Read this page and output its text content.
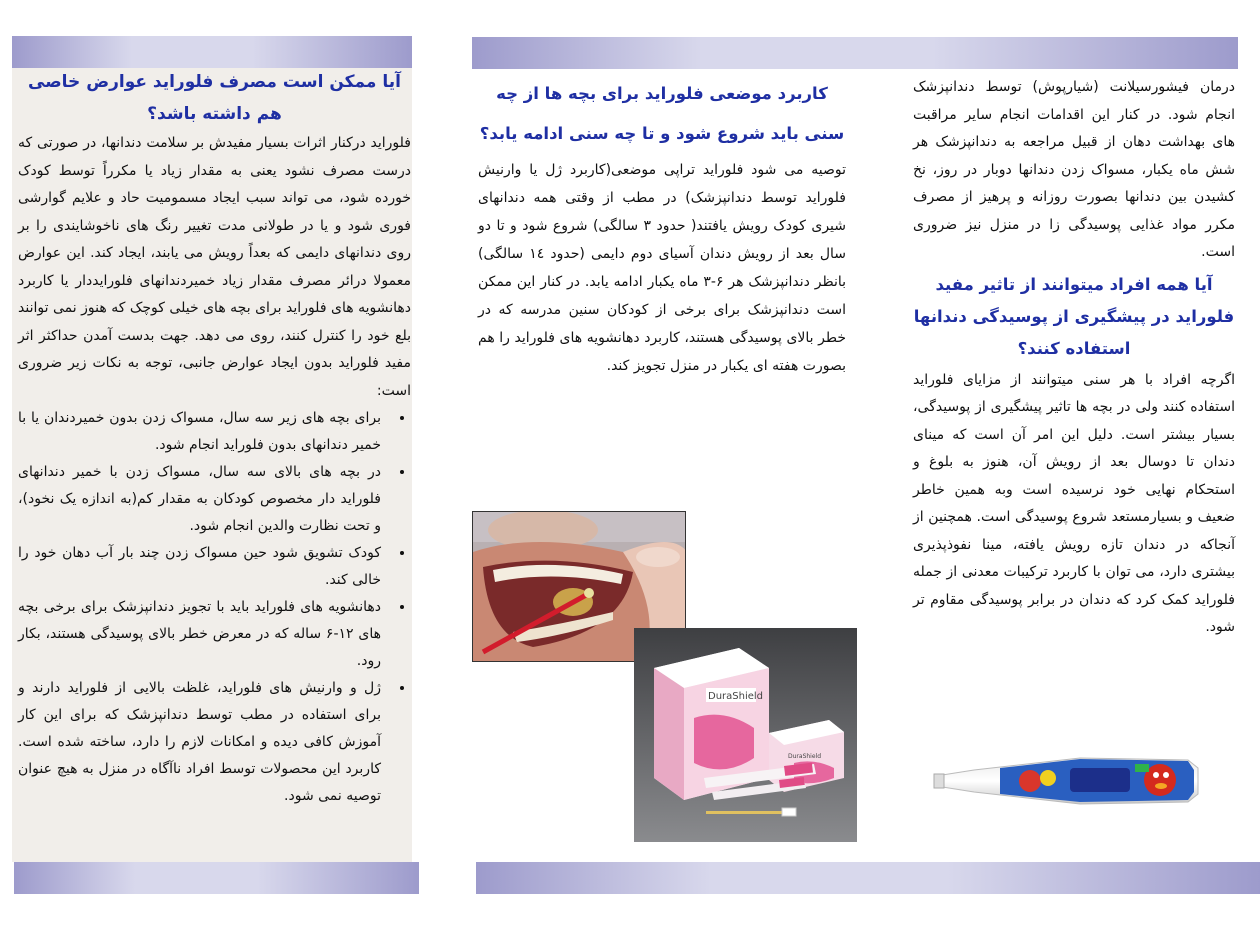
درمان فیشورسیلانت (شیارپوش) توسط دندانپزشک انجام شود. در کنار این اقدامات انجام سایر مراقبت های بهداشت دهان از قبیل مراجعه به دندانپزشک هر شش ماه یکبار، مسواک زدن دندانها دوبار در روز، نخ کشیدن بین دندانها بصورت روزانه و پرهیز از مصرف مکرر مواد غذایی پوسیدگی زا در منزل نیز ضروری است.

آیا همه افراد میتوانند از تاثیر مفید فلوراید در پیشگیری از پوسیدگی دندانها استفاده کنند؟

اگرچه افراد با هر سنی میتوانند از مزایای فلوراید استفاده کنند ولی در بچه ها تاثیر پیشگیری از پوسیدگی، بسیار بیشتر است. دلیل این امر آن است که مینای دندان تا دوسال بعد از رویش آن، هنوز به بلوغ و استحکام نهایی خود نرسیده است وبه همین خاطر ضعیف و بسیارمستعد شروع پوسیدگی است. همچنین از آنجاکه در دندان تازه رویش یافته، مینا نفوذپذیری بیشتری دارد، می توان با کاربرد ترکیبات معدنی از جمله فلوراید کمک کرد که دندان در برابر پوسیدگی مقاوم تر شود.

کاربرد موضعی فلوراید برای بچه ها از چه سنی باید شروع شود و تا چه سنی ادامه یابد؟

توصیه می شود فلوراید تراپی موضعی(کاربرد ژل یا وارنیش فلوراید توسط دندانپزشک) در مطب از وقتی همه دندانهای شیری کودک رویش یافتند( حدود ۳ سالگی) شروع شود و تا دو سال بعد از رویش دندان آسیای دوم دایمی (حدود ۱٤ سالگی) بانظر دندانپزشک هر ۶-۳ ماه یکبار ادامه یابد. در کنار این ممکن است دندانپزشک برای برخی از کودکان سنین مدرسه که در خطر بالای پوسیدگی هستند، کاربرد دهانشویه های فلوراید را هم بصورت هفته ای یکبار در منزل تجویز کند.

DuraShield
DuraShield

آیا ممکن است مصرف فلوراید عوارض خاصی هم داشته باشد؟

فلوراید درکنار اثرات بسیار مفیدش بر سلامت دندانها، در صورتی که درست مصرف نشود یعنی به مقدار زیاد یا مکرراً توسط کودک خورده شود، می تواند سبب ایجاد مسمومیت حاد و علایم گوارشی فوری شود و یا در طولانی مدت تغییر رنگ های ناخوشایندی را بر روی دندانهای دایمی که بعداً رویش می یابند، ایجاد کند. این عوارض معمولا درائر مصرف مقدار زیاد خمیردندانهای فلورایددار یا کاربرد دهانشویه های فلوراید برای بچه های خیلی کوچک که هنوز نمی توانند بلع خود را کنترل کنند، روی می دهد. جهت بدست آمدن حداکثر اثر مفید فلوراید بدون ایجاد عوارض جانبی، توجه به نکات زیر ضروری است:

• برای بچه های زیر سه سال، مسواک زدن بدون خمیردندان یا با خمیر دندانهای بدون فلوراید انجام شود.
• در بچه های بالای سه سال، مسواک زدن با خمیر دندانهای فلوراید دار مخصوص کودکان به مقدار کم(به اندازه یک نخود)، و تحت نظارت والدین انجام شود.
• کودک تشویق شود حین مسواک زدن چند بار آب دهان خود را خالی کند.
• دهانشویه های فلوراید باید با تجویز دندانپزشک برای برخی بچه های ۱۲-۶ ساله که در معرض خطر بالای پوسیدگی هستند، بکار رود.
• ژل و وارنیش های فلوراید، غلظت بالایی از فلوراید دارند و برای استفاده در مطب توسط دندانپزشک که برای این کار آموزش کافی دیده و امکانات لازم را دارد، ساخته شده است. کاربرد این محصولات توسط افراد ناآگاه در منزل به هیچ عنوان توصیه نمی شود.
